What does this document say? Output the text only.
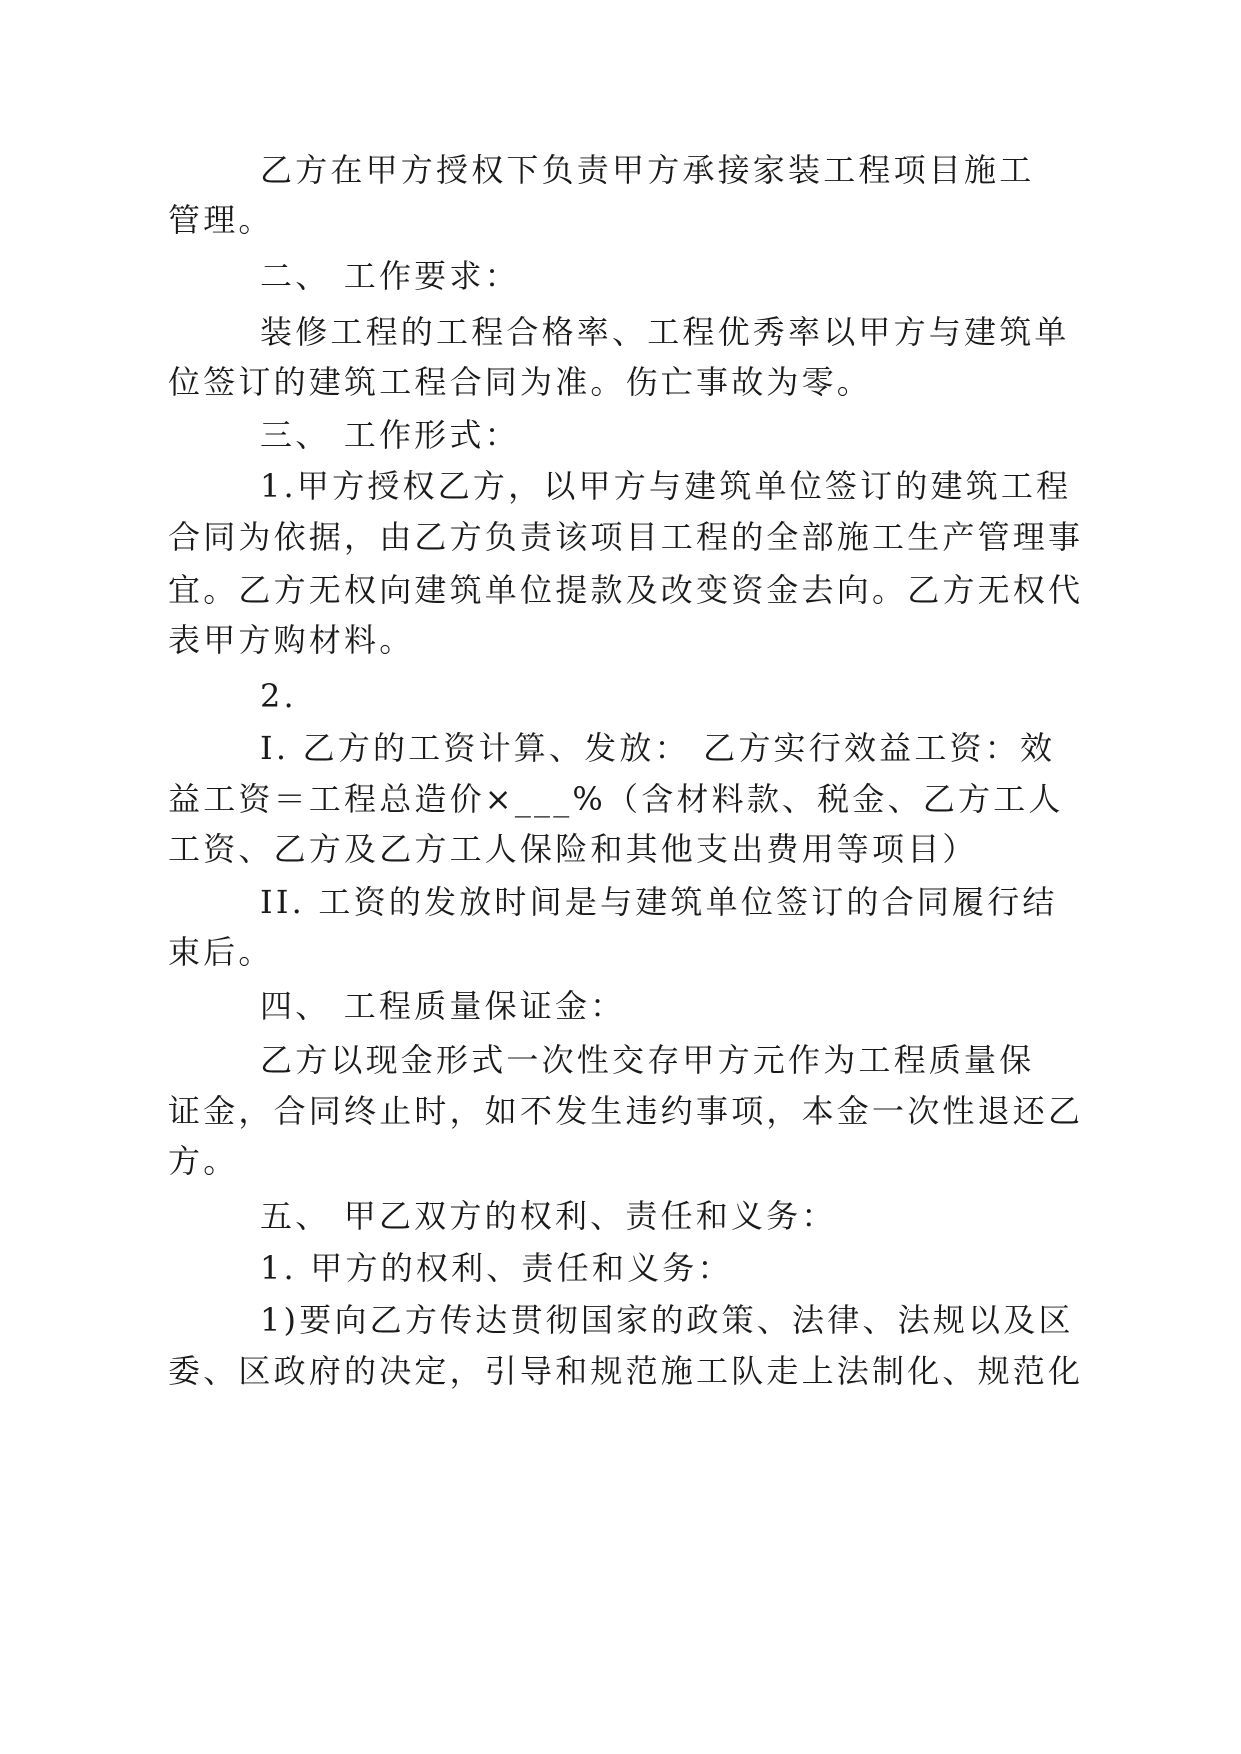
乙方在甲方授权下负责甲方承接家装工程项目施工
管理。
二、 工作要求：
装修工程的工程合格率、工程优秀率以甲方与建筑单
位签订的建筑工程合同为准。伤亡事故为零。
三、 工作形式：
1.甲方授权乙方，以甲方与建筑单位签订的建筑工程
合同为依据，由乙方负责该项目工程的全部施工生产管理事
宜。乙方无权向建筑单位提款及改变资金去向。乙方无权代
表甲方购材料。
2.
I. 乙方的工资计算、发放： 乙方实行效益工资：效
益工资＝工程总造价×___%（含材料款、税金、乙方工人
工资、乙方及乙方工人保险和其他支出费用等项目）
II. 工资的发放时间是与建筑单位签订的合同履行结
束后。
四、 工程质量保证金：
乙方以现金形式一次性交存甲方元作为工程质量保
证金，合同终止时，如不发生违约事项，本金一次性退还乙
方。
五、 甲乙双方的权利、责任和义务：
1. 甲方的权利、责任和义务：
1)要向乙方传达贯彻国家的政策、法律、法规以及区
委、区政府的决定，引导和规范施工队走上法制化、规范化
